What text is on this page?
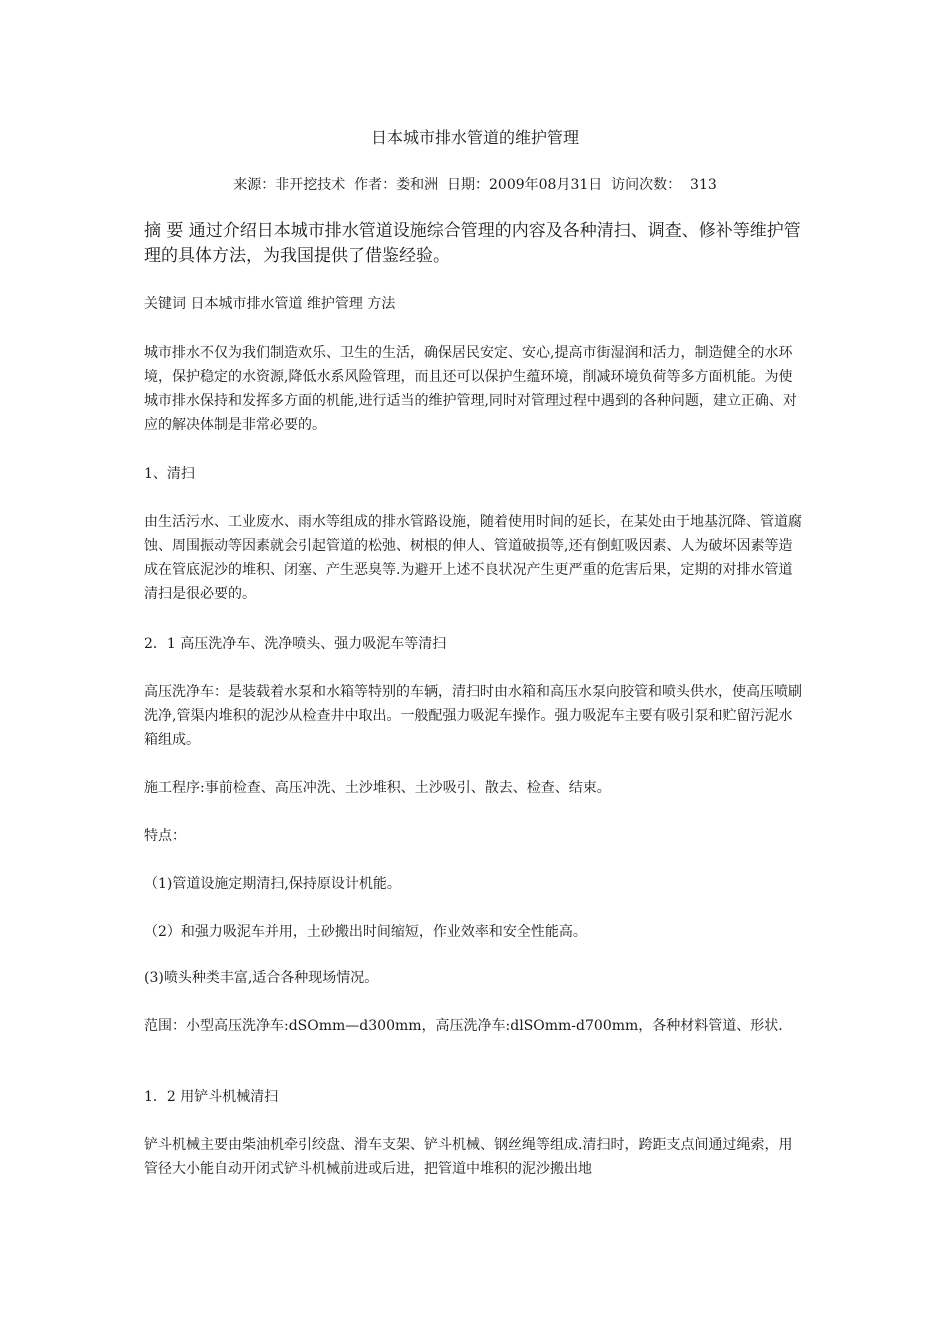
日本城市排水管道的维护管理

来源：非开挖技术  作者：娄和洲  日期：2009年08月31日  访问次数：  313

摘 要 通过介绍日本城市排水管道设施综合管理的内容及各种清扫、调查、修补等维护管理的具体方法，为我国提供了借鉴经验。

关键词 日本城市排水管道 维护管理 方法

城市排水不仅为我们制造欢乐、卫生的生活，确保居民安定、安心,提高市街湿润和活力，制造健全的水环境，保护稳定的水资源,降低水系风险管理，而且还可以保护生蕴环境，削减环境负荷等多方面机能。为使城市排水保持和发挥多方面的机能,进行适当的维护管理,同时对管理过程中遇到的各种问题，建立正确、对应的解决体制是非常必要的。

1、清扫

由生活污水、工业废水、雨水等组成的排水管路设施，随着使用时间的延长，在某处由于地基沉降、管道腐蚀、周围振动等因素就会引起管道的松弛、树根的伸人、管道破损等,还有倒虹吸因素、人为破坏因素等造成在管底泥沙的堆积、闭塞、产生恶臭等.为避开上述不良状况产生更严重的危害后果，定期的对排水管道清扫是很必要的。

2．1 高压洗净车、洗净喷头、强力吸泥车等清扫

高压洗净车：是装载着水泵和水箱等特别的车辆，清扫时由水箱和高压水泵向胶管和喷头供水，使高压喷刷洗净,管渠内堆积的泥沙从检查井中取出。一般配强力吸泥车操作。强力吸泥车主要有吸引泵和贮留污泥水箱组成。

施工程序:事前检查、高压冲洗、土沙堆积、土沙吸引、散去、检查、结束。

特点：

（1)管道设施定期清扫,保持原设计机能。

（2）和强力吸泥车并用，土砂搬出时间缩短，作业效率和安全性能高。

(3)喷头种类丰富,适合各种现场情况。

范围：小型高压洗净车:dSOmm—d300mm，高压洗净车:dlSOmm-d700mm，各种材料管道、形状.

1．2 用铲斗机械清扫

铲斗机械主要由柴油机牵引绞盘、滑车支架、铲斗机械、钢丝绳等组成.清扫时，跨距支点间通过绳索，用管径大小能自动开闭式铲斗机械前进或后进，把管道中堆积的泥沙搬出地
